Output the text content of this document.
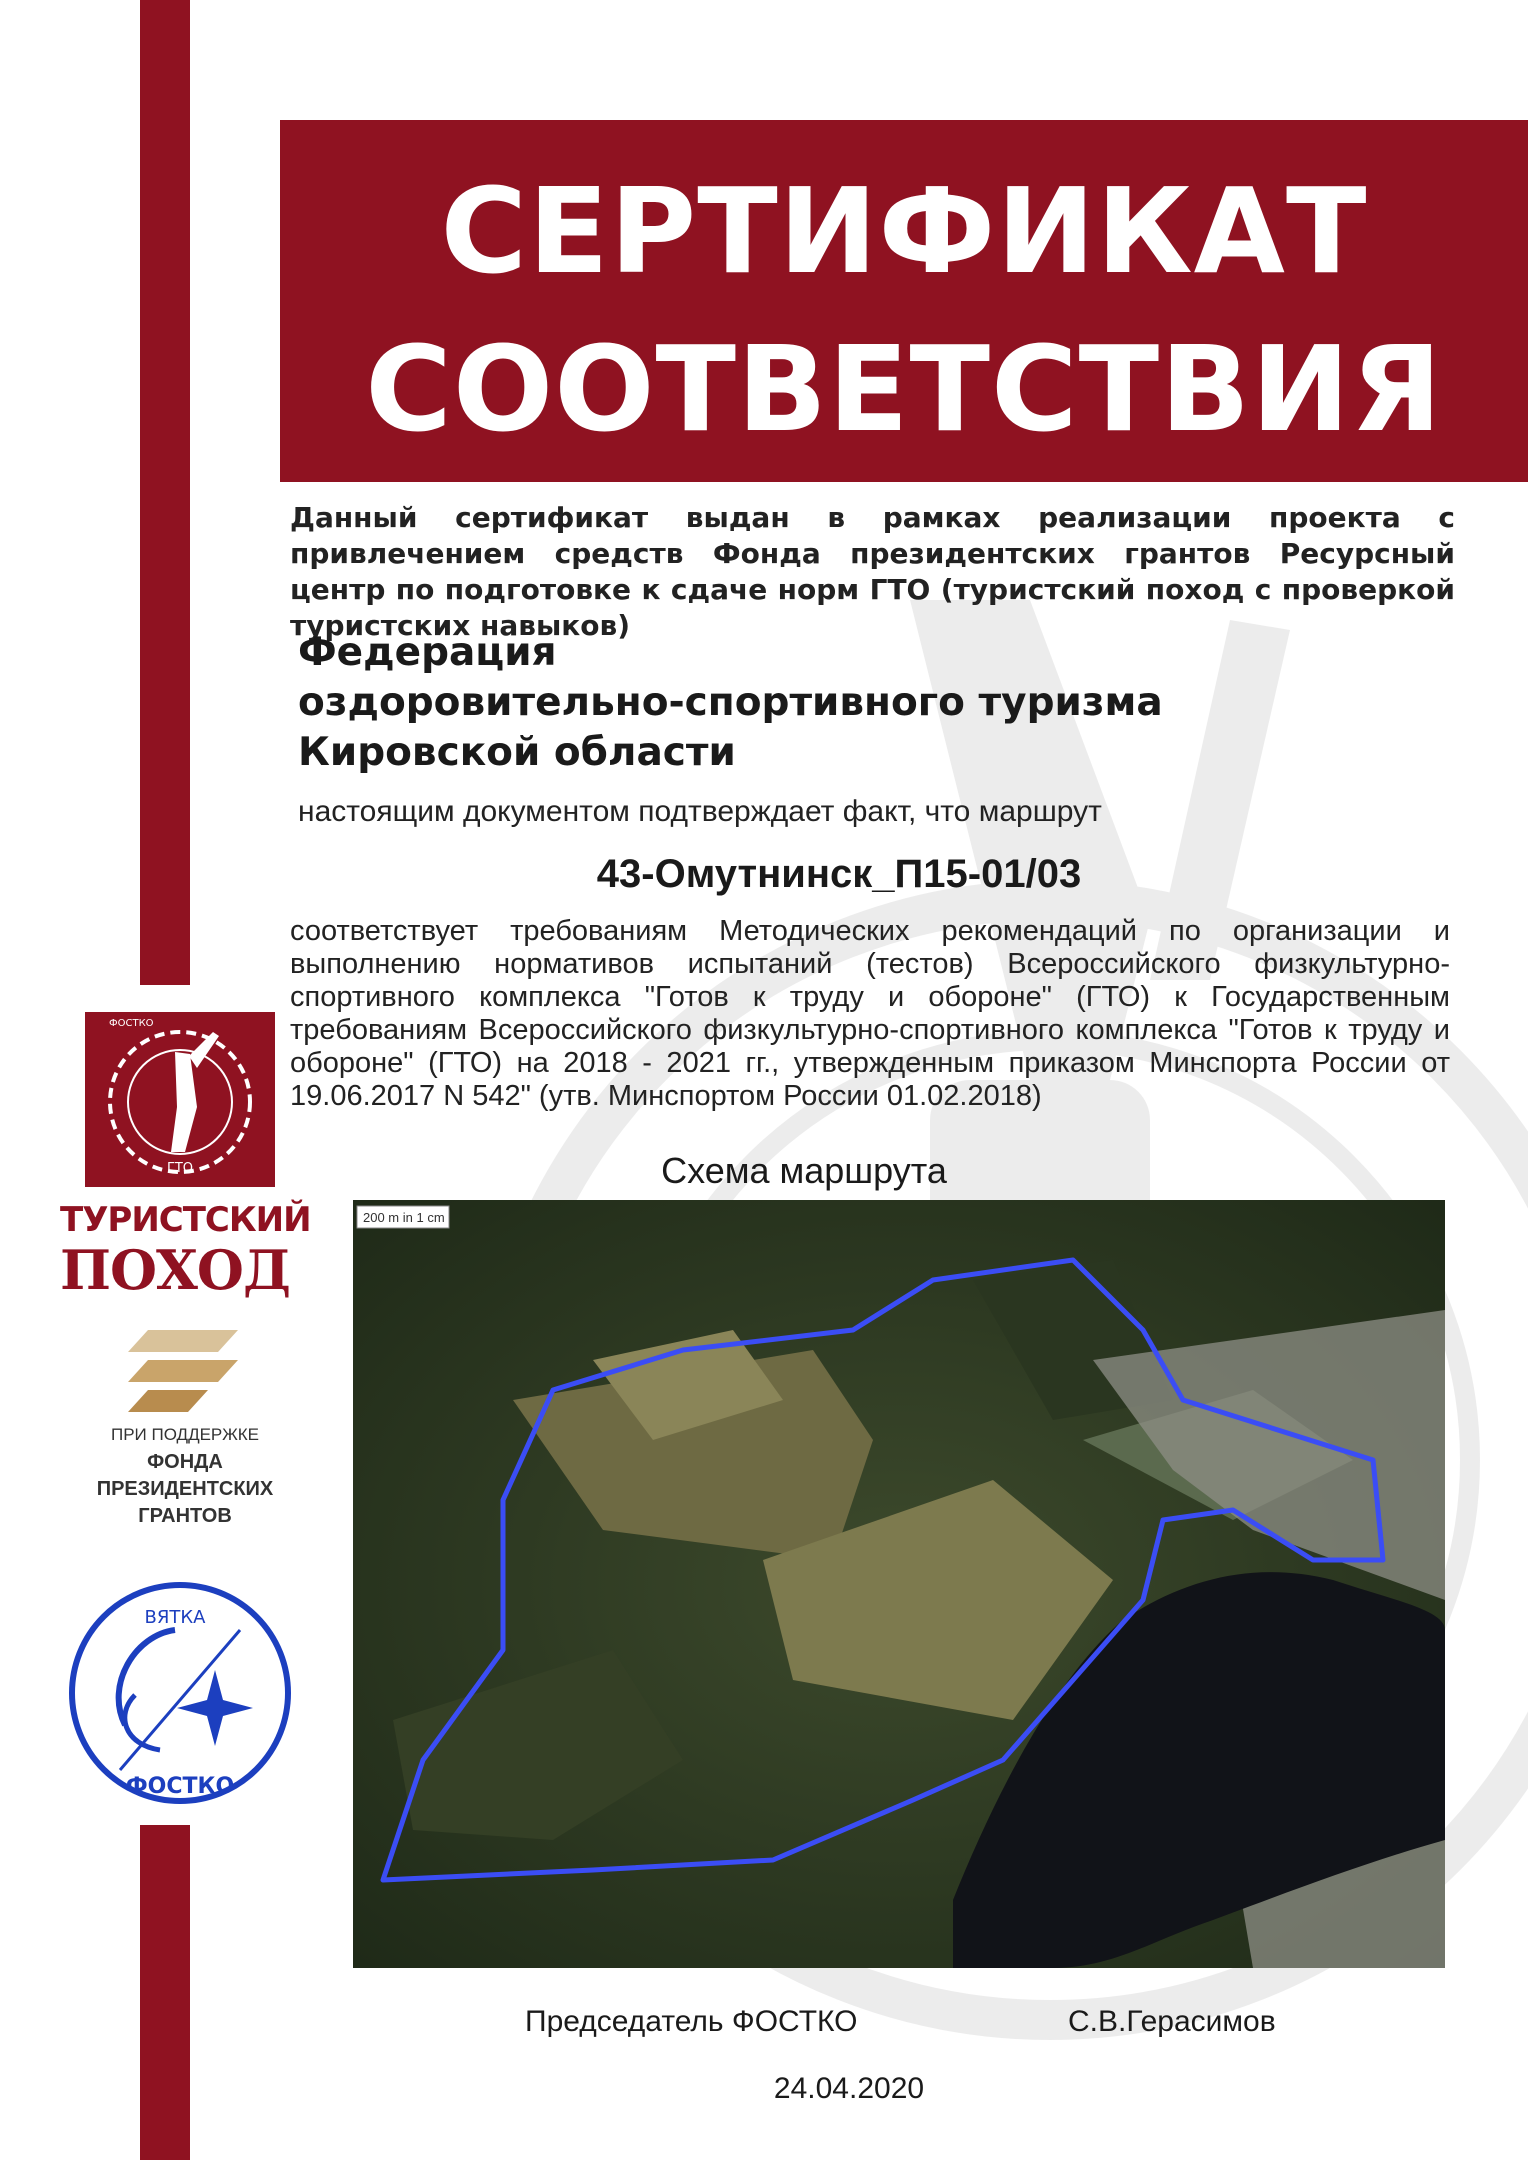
СЕРТИФИКАТ
СООТВЕТСТВИЯ
Данный сертификат выдан в рамках реализации проекта с привлечением средств Фонда президентских грантов Ресурсный центр по подготовке к сдаче норм ГТО (туристский поход с проверкой туристских навыков)
Федерация
оздоровительно-спортивного туризма
Кировской области
настоящим документом подтверждает факт, что маршрут
43-Омутнинск_П15-01/03
соответствует требованиям Методических рекомендаций по организации и выполнению нормативов испытаний (тестов) Всероссийского физкультурно-спортивного комплекса "Готов к труду и обороне" (ГТО) к Государственным требованиям Всероссийского физкультурно-спортивного комплекса "Готов к труду и обороне" (ГТО) на 2018 - 2021 гг., утвержденным приказом Минспорта России от 19.06.2017 N 542" (утв. Минспортом России 01.02.2018)
Схема маршрута
200 m in 1 cm
Председатель ФОСТКО	С.В.Герасимов
24.04.2020
ГТО
ФОСТКО
ТУРИСТСКИЙ
ПОХОД
ПРИ ПОДДЕРЖКЕ
ФОНДА
ПРЕЗИДЕНТСКИХ
ГРАНТОВ
ВЯТКА
ФОСТКО
